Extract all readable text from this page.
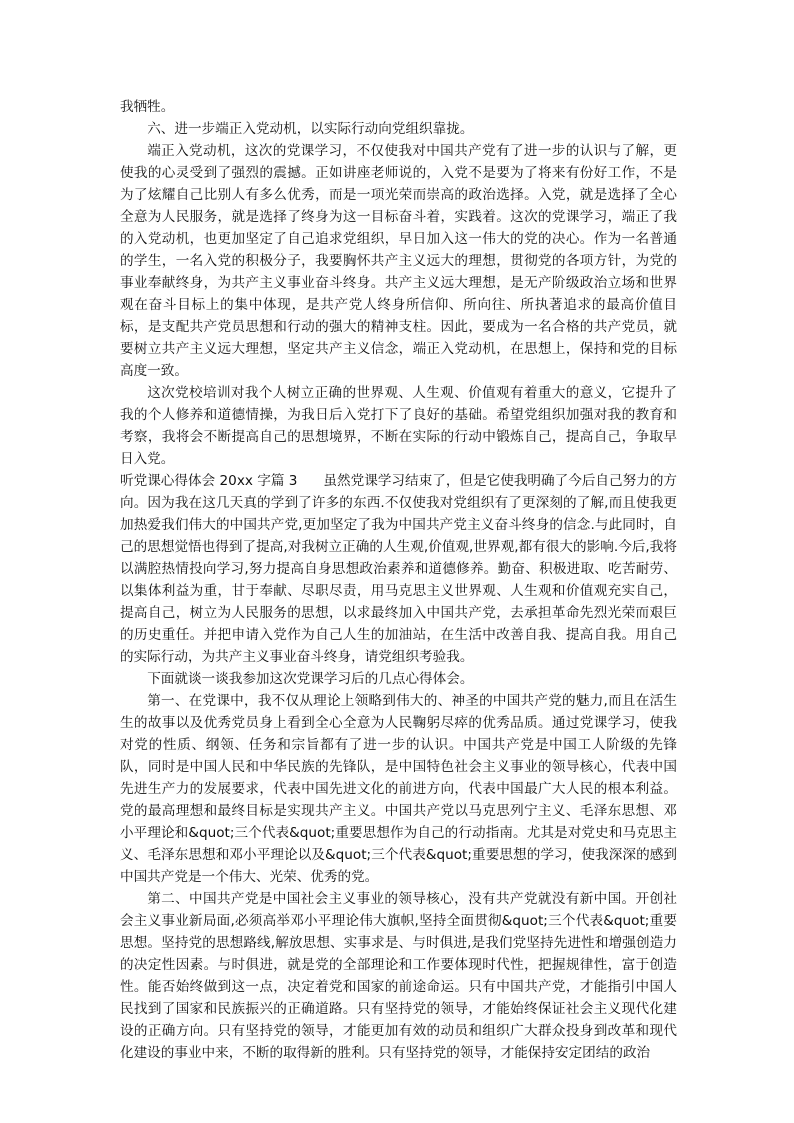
我牺牲。

六、进一步端正入党动机，以实际行动向党组织靠拢。

端正入党动机，这次的党课学习，不仅使我对中国共产党有了进一步的认识与了解，更使我的心灵受到了强烈的震撼。正如讲座老师说的，入党不是要为了将来有份好工作，不是为了炫耀自己比别人有多么优秀，而是一项光荣而崇高的政治选择。入党，就是选择了全心全意为人民服务，就是选择了终身为这一目标奋斗着，实践着。这次的党课学习，端正了我的入党动机，也更加坚定了自己追求党组织，早日加入这一伟大的党的决心。作为一名普通的学生，一名入党的积极分子，我要胸怀共产主义远大的理想，贯彻党的各项方针，为党的事业奉献终身，为共产主义事业奋斗终身。共产主义远大理想，是无产阶级政治立场和世界观在奋斗目标上的集中体现，是共产党人终身所信仰、所向往、所执著追求的最高价值目标，是支配共产党员思想和行动的强大的精神支柱。因此，要成为一名合格的共产党员，就要树立共产主义远大理想，坚定共产主义信念，端正入党动机，在思想上，保持和党的目标高度一致。

这次党校培训对我个人树立正确的世界观、人生观、价值观有着重大的意义，它提升了我的个人修养和道德情操，为我日后入党打下了良好的基础。希望党组织加强对我的教育和考察，我将会不断提高自己的思想境界，不断在实际的行动中锻炼自己，提高自己，争取早日入党。

听党课心得体会 20xx 字篇 3 虽然党课学习结束了，但是它使我明确了今后自己努力的方向。因为我在这几天真的学到了许多的东西.不仅使我对党组织有了更深刻的了解,而且使我更加热爱我们伟大的中国共产党,更加坚定了我为中国共产党主义奋斗终身的信念.与此同时，自己的思想觉悟也得到了提高,对我树立正确的人生观,价值观,世界观,都有很大的影响.今后,我将以满腔热情投向学习,努力提高自身思想政治素养和道德修养。勤奋、积极进取、吃苦耐劳、以集体利益为重，甘于奉献、尽职尽责，用马克思主义世界观、人生观和价值观充实自己，提高自己，树立为人民服务的思想，以求最终加入中国共产党，去承担革命先烈光荣而艰巨的历史重任。并把申请入党作为自己人生的加油站，在生活中改善自我、提高自我。用自己的实际行动，为共产主义事业奋斗终身，请党组织考验我。

下面就谈一谈我参加这次党课学习后的几点心得体会。

第一、在党课中，我不仅从理论上领略到伟大的、神圣的中国共产党的魅力,而且在活生生的故事以及优秀党员身上看到全心全意为人民鞠躬尽瘁的优秀品质。通过党课学习，使我对党的性质、纲领、任务和宗旨都有了进一步的认识。中国共产党是中国工人阶级的先锋队，同时是中国人民和中华民族的先锋队，是中国特色社会主义事业的领导核心，代表中国先进生产力的发展要求，代表中国先进文化的前进方向，代表中国最广大人民的根本利益。党的最高理想和最终目标是实现共产主义。中国共产党以马克思列宁主义、毛泽东思想、邓小平理论和&quot;三个代表&quot;重要思想作为自己的行动指南。尤其是对党史和马克思主义、毛泽东思想和邓小平理论以及&quot;三个代表&quot;重要思想的学习，使我深深的感到中国共产党是一个伟大、光荣、优秀的党。

第二、中国共产党是中国社会主义事业的领导核心，没有共产党就没有新中国。开创社会主义事业新局面,必须高举邓小平理论伟大旗帜,坚持全面贯彻&quot;三个代表&quot;重要思想。坚持党的思想路线,解放思想、实事求是、与时俱进,是我们党坚持先进性和增强创造力的决定性因素。与时俱进，就是党的全部理论和工作要体现时代性，把握规律性，富于创造性。能否始终做到这一点，决定着党和国家的前途命运。只有中国共产党，才能指引中国人民找到了国家和民族振兴的正确道路。只有坚持党的领导，才能始终保证社会主义现代化建设的正确方向。只有坚持党的领导，才能更加有效的动员和组织广大群众投身到改革和现代化建设的事业中来，不断的取得新的胜利。只有坚持党的领导，才能保持安定团结的政治
